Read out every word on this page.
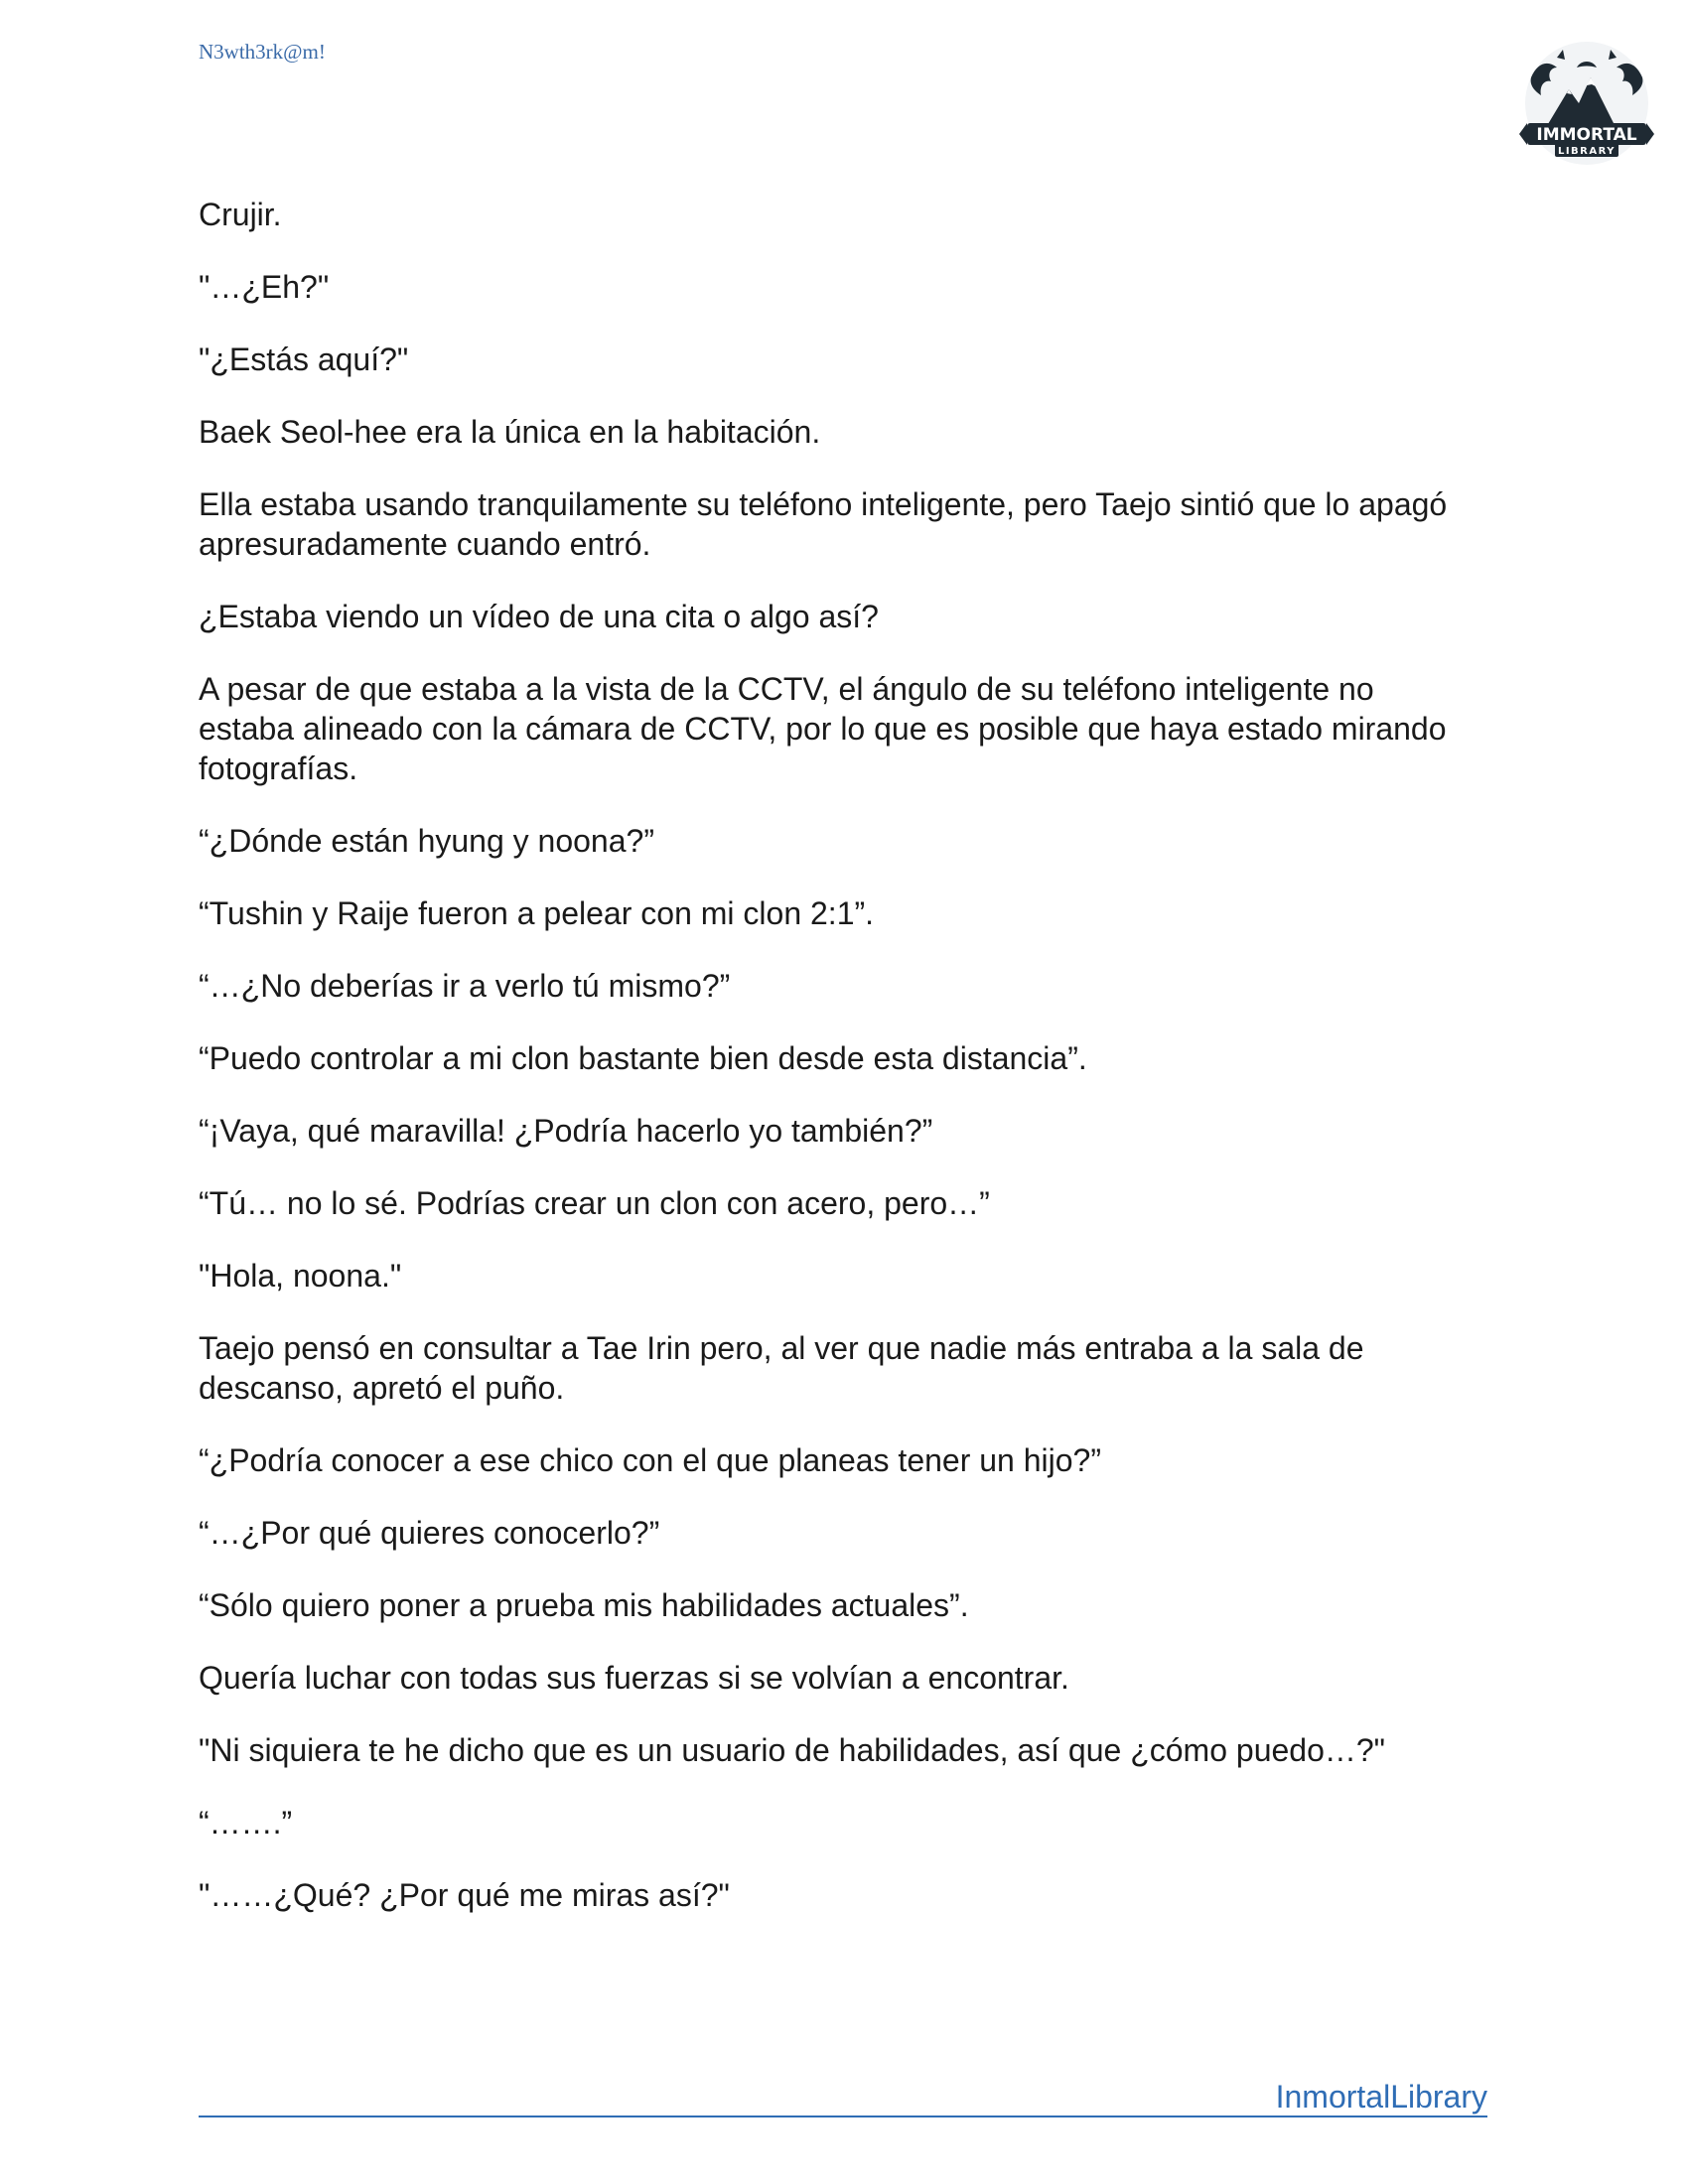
N3wth3rk@m!
IMMORTAL
LIBRARY

Crujir.

"…¿Eh?"

"¿Estás aquí?"

Baek Seol-hee era la única en la habitación.

Ella estaba usando tranquilamente su teléfono inteligente, pero Taejo sintió que lo apagó apresuradamente cuando entró.

¿Estaba viendo un vídeo de una cita o algo así?

A pesar de que estaba a la vista de la CCTV, el ángulo de su teléfono inteligente no estaba alineado con la cámara de CCTV, por lo que es posible que haya estado mirando fotografías.

“¿Dónde están hyung y noona?”

“Tushin y Raije fueron a pelear con mi clon 2:1”.

“…¿No deberías ir a verlo tú mismo?”

“Puedo controlar a mi clon bastante bien desde esta distancia”.

“¡Vaya, qué maravilla! ¿Podría hacerlo yo también?”

“Tú… no lo sé. Podrías crear un clon con acero, pero…”

"Hola, noona."

Taejo pensó en consultar a Tae Irin pero, al ver que nadie más entraba a la sala de descanso, apretó el puño.

“¿Podría conocer a ese chico con el que planeas tener un hijo?”

“…¿Por qué quieres conocerlo?”

“Sólo quiero poner a prueba mis habilidades actuales”.

Quería luchar con todas sus fuerzas si se volvían a encontrar.

"Ni siquiera te he dicho que es un usuario de habilidades, así que ¿cómo puedo…?"

“…….”

"……¿Qué? ¿Por qué me miras así?"

InmortalLibrary
